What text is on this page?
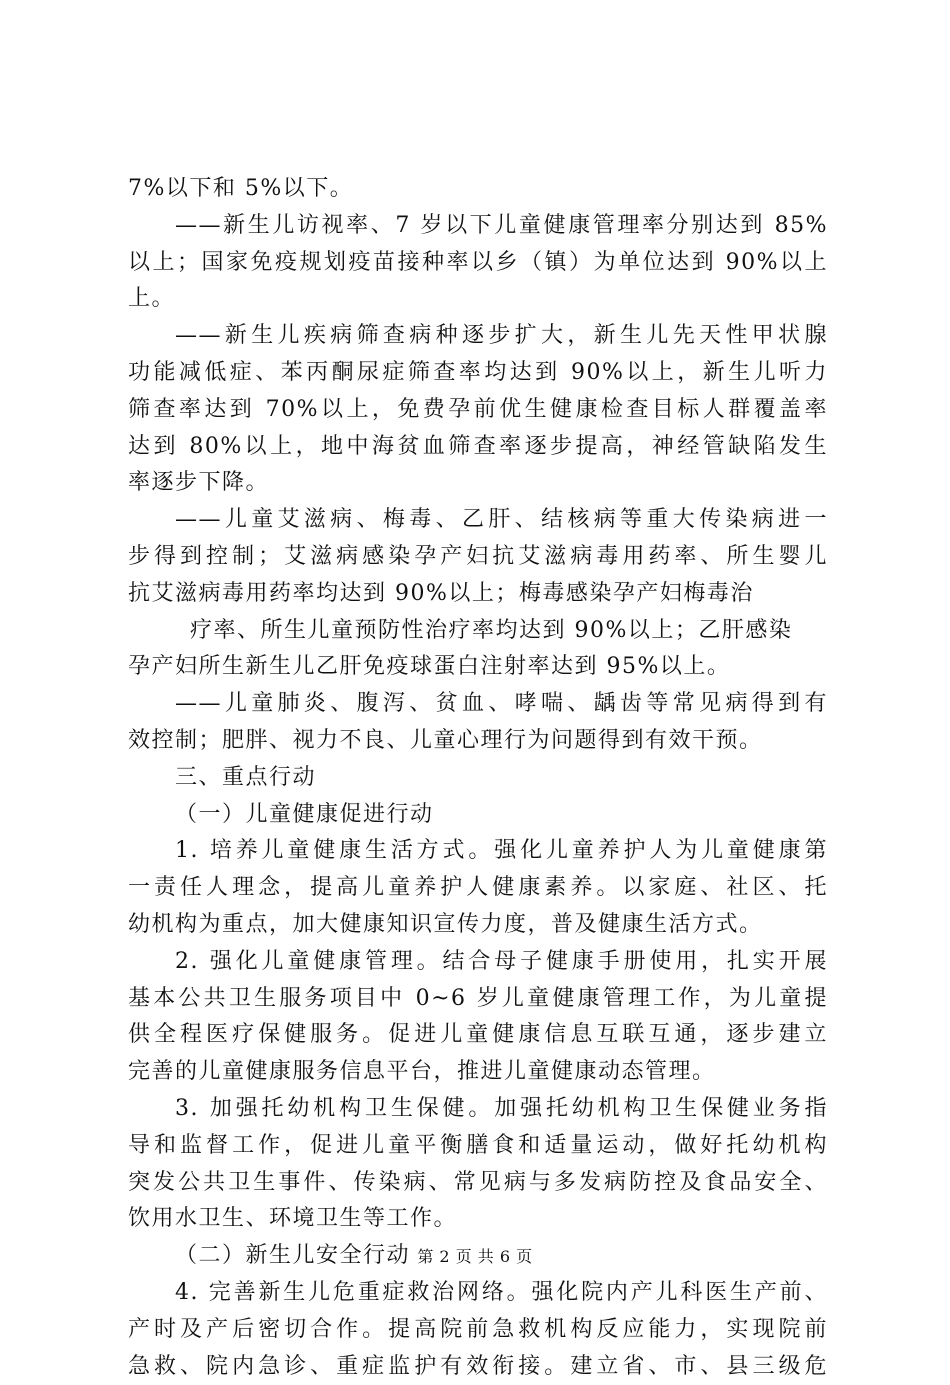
7%以下和 5%以下。
——新生儿访视率、7 岁以下儿童健康管理率分别达到 85%
以上；国家免疫规划疫苗接种率以乡（镇）为单位达到 90%以上
上。
——新生儿疾病筛查病种逐步扩大，新生儿先天性甲状腺
功能减低症、苯丙酮尿症筛查率均达到 90%以上，新生儿听力
筛查率达到 70%以上，免费孕前优生健康检查目标人群覆盖率
达到 80%以上，地中海贫血筛查率逐步提高，神经管缺陷发生
率逐步下降。
——儿童艾滋病、梅毒、乙肝、结核病等重大传染病进一
步得到控制；艾滋病感染孕产妇抗艾滋病毒用药率、所生婴儿
抗艾滋病毒用药率均达到 90%以上；梅毒感染孕产妇梅毒治
疗率、所生儿童预防性治疗率均达到 90%以上；乙肝感染
孕产妇所生新生儿乙肝免疫球蛋白注射率达到 95%以上。
——儿童肺炎、腹泻、贫血、哮喘、龋齿等常见病得到有
效控制；肥胖、视力不良、儿童心理行为问题得到有效干预。
三、重点行动
（一）儿童健康促进行动
1. 培养儿童健康生活方式。强化儿童养护人为儿童健康第
一责任人理念，提高儿童养护人健康素养。以家庭、社区、托
幼机构为重点，加大健康知识宣传力度，普及健康生活方式。
2. 强化儿童健康管理。结合母子健康手册使用，扎实开展
基本公共卫生服务项目中 0~6 岁儿童健康管理工作，为儿童提
供全程医疗保健服务。促进儿童健康信息互联互通，逐步建立
完善的儿童健康服务信息平台，推进儿童健康动态管理。
3. 加强托幼机构卫生保健。加强托幼机构卫生保健业务指
导和监督工作，促进儿童平衡膳食和适量运动，做好托幼机构
突发公共卫生事件、传染病、常见病与多发病防控及食品安全、
饮用水卫生、环境卫生等工作。
（二）新生儿安全行动
4. 完善新生儿危重症救治网络。强化院内产儿科医生产前、
产时及产后密切合作。提高院前急救机构反应能力，实现院前
急救、院内急诊、重症监护有效衔接。建立省、市、县三级危
第 2 页 共 6 页
